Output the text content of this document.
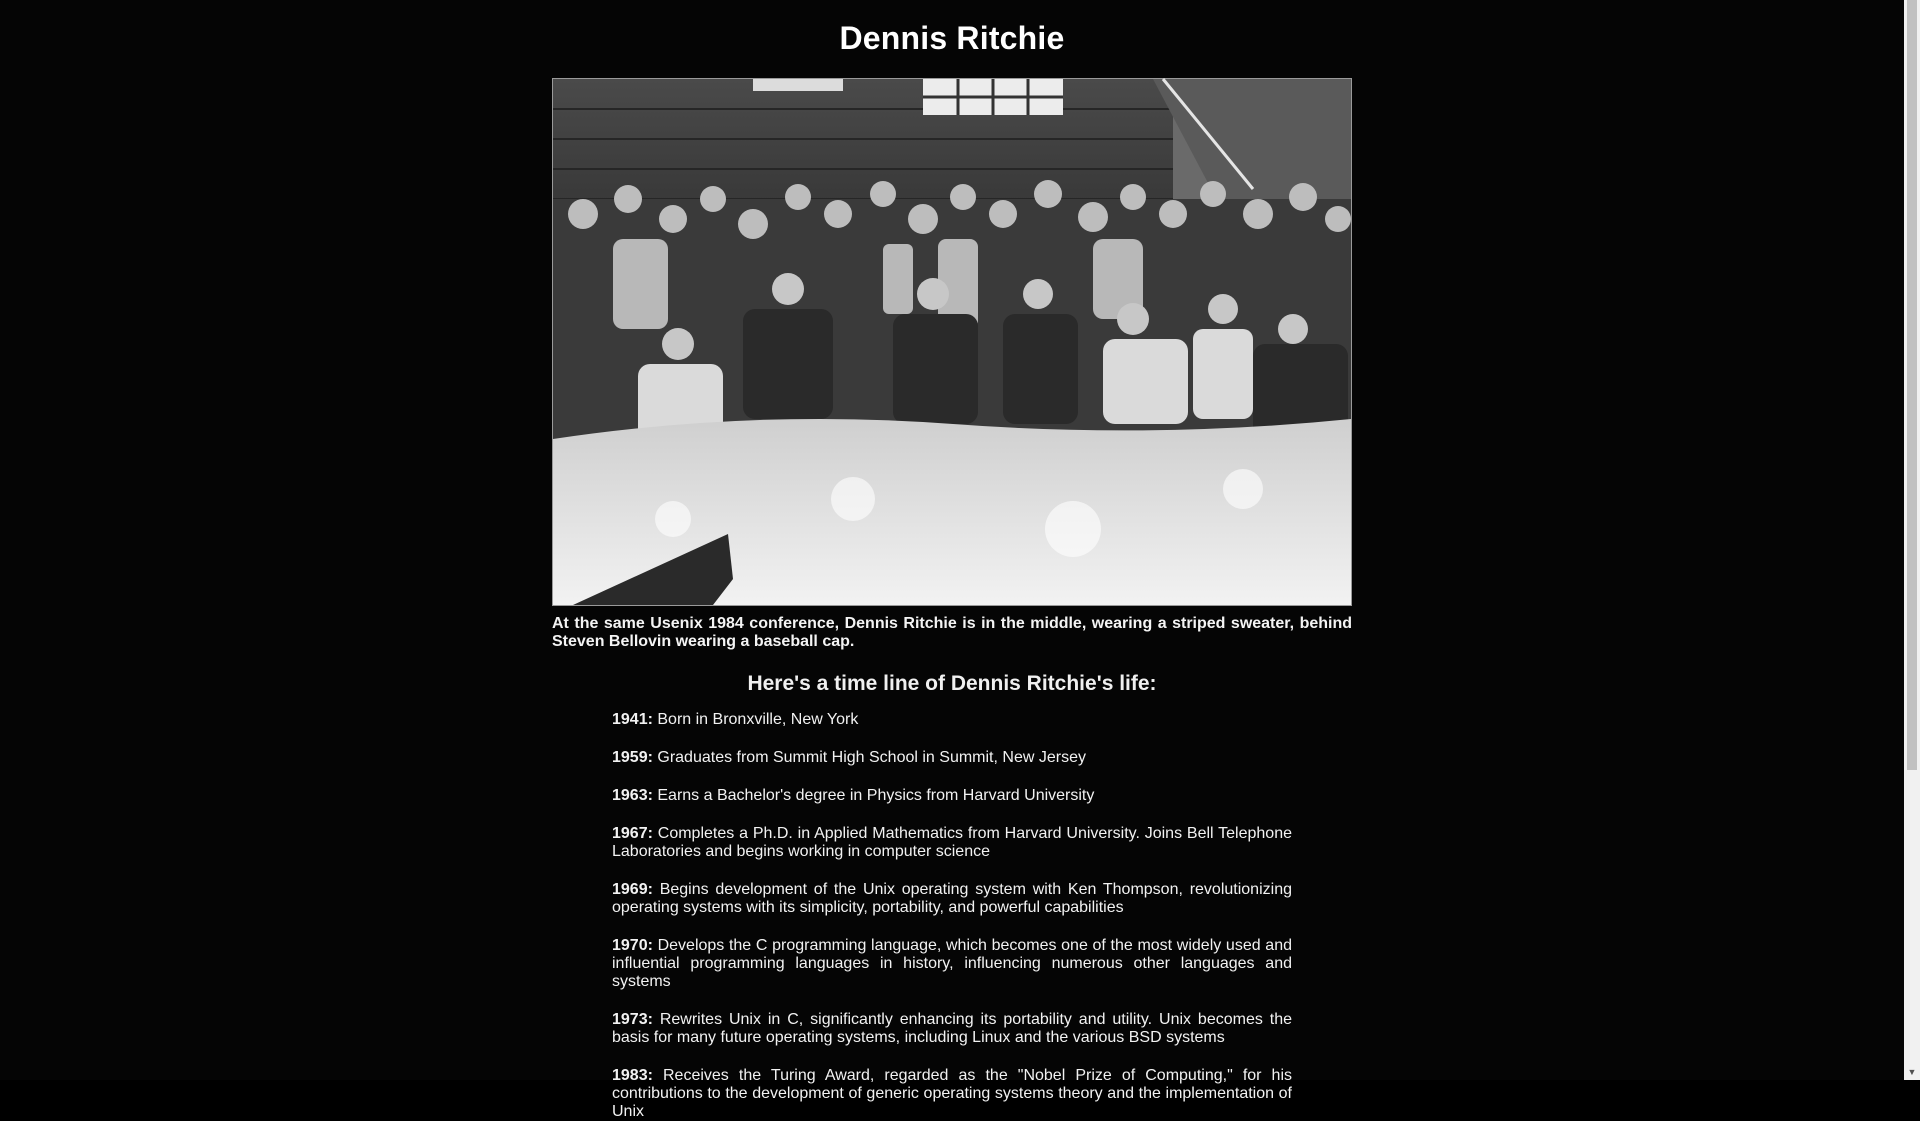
Dennis Ritchie
At the same Usenix 1984 conference, Dennis Ritchie is in the middle, wearing a striped sweater, behind Steven Bellovin wearing a baseball cap.
Here's a time line of Dennis Ritchie's life:
1941: Born in Bronxville, New York
1959: Graduates from Summit High School in Summit, New Jersey
1963: Earns a Bachelor's degree in Physics from Harvard University
1967: Completes a Ph.D. in Applied Mathematics from Harvard University. Joins Bell Telephone Laboratories and begins working in computer science
1969: Begins development of the Unix operating system with Ken Thompson, revolutionizing operating systems with its simplicity, portability, and powerful capabilities
1970: Develops the C programming language, which becomes one of the most widely used and influential programming languages in history, influencing numerous other languages and systems
1973: Rewrites Unix in C, significantly enhancing its portability and utility. Unix becomes the basis for many future operating systems, including Linux and the various BSD systems
1983: Receives the Turing Award, regarded as the "Nobel Prize of Computing," for his contributions to the development of generic operating systems theory and the implementation of Unix
▼
